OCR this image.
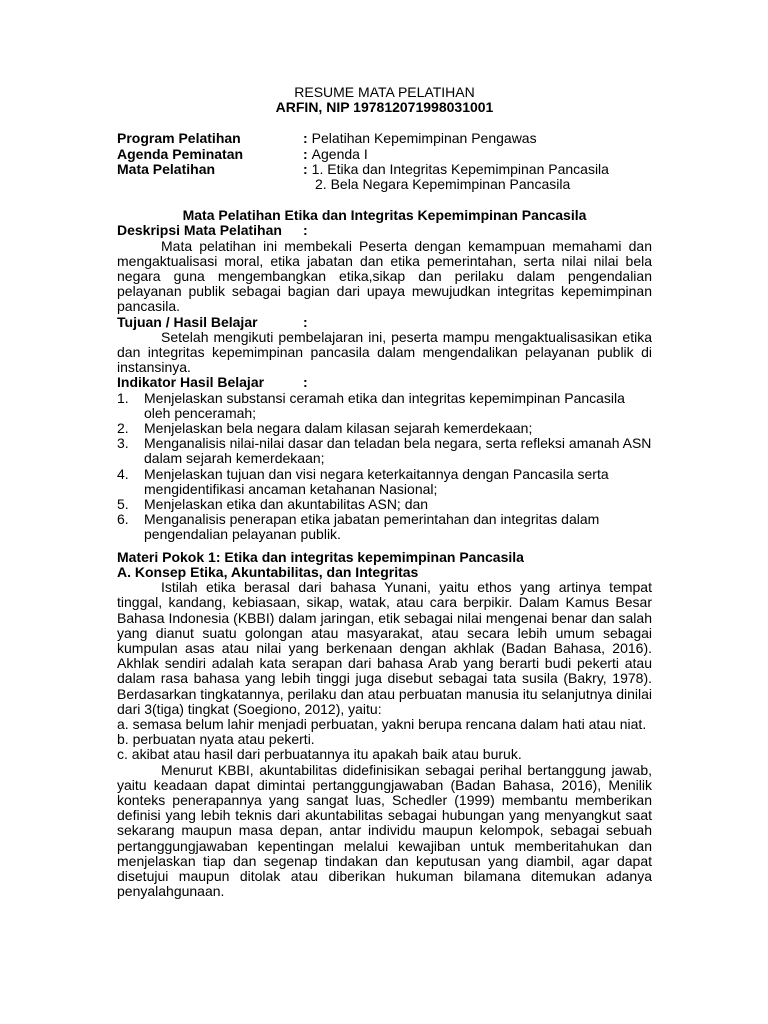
RESUME MATA PELATIHAN

ARFIN, NIP 197812071998031001

Program Pelatihan	: Pelatihan Kepemimpinan Pengawas
Agenda Peminatan	: Agenda I
Mata Pelatihan	: 1. Etika dan Integritas Kepemimpinan Pancasila
2. Bela Negara Kepemimpinan Pancasila

Mata Pelatihan Etika dan Integritas Kepemimpinan Pancasila

Deskripsi Mata Pelatihan	:

Mata pelatihan ini membekali Peserta dengan kemampuan memahami dan mengaktualisasi moral, etika jabatan dan etika pemerintahan, serta nilai nilai bela negara guna mengembangkan etika,sikap dan perilaku dalam pengendalian pelayanan publik sebagai bagian dari upaya mewujudkan integritas kepemimpinan pancasila.

Tujuan / Hasil Belajar	:

Setelah mengikuti pembelajaran ini, peserta mampu mengaktualisasikan etika dan integritas kepemimpinan pancasila dalam mengendalikan pelayanan publik di instansinya.

Indikator Hasil Belajar	:
1.	Menjelaskan substansi ceramah etika dan integritas kepemimpinan Pancasila oleh penceramah;
2.	Menjelaskan bela negara dalam kilasan sejarah kemerdekaan;
3.	Menganalisis nilai-nilai dasar dan teladan bela negara, serta refleksi amanah ASN dalam sejarah kemerdekaan;
4.	Menjelaskan tujuan dan visi negara keterkaitannya dengan Pancasila serta mengidentifikasi ancaman ketahanan Nasional;
5.	Menjelaskan etika dan akuntabilitas ASN; dan
6.	Menganalisis penerapan etika jabatan pemerintahan dan integritas dalam pengendalian pelayanan publik.

Materi Pokok 1: Etika dan integritas kepemimpinan Pancasila

A. Konsep Etika, Akuntabilitas, dan Integritas

Istilah etika berasal dari bahasa Yunani, yaitu ethos yang artinya tempat tinggal, kandang, kebiasaan, sikap, watak, atau cara berpikir. Dalam Kamus Besar Bahasa Indonesia (KBBI) dalam jaringan, etik sebagai nilai mengenai benar dan salah yang dianut suatu golongan atau masyarakat, atau secara lebih umum sebagai kumpulan asas atau nilai yang berkenaan dengan akhlak (Badan Bahasa, 2016). Akhlak sendiri adalah kata serapan dari bahasa Arab yang berarti budi pekerti atau dalam rasa bahasa yang lebih tinggi juga disebut sebagai tata susila (Bakry, 1978). Berdasarkan tingkatannya, perilaku dan atau perbuatan manusia itu selanjutnya dinilai dari 3(tiga) tingkat (Soegiono, 2012), yaitu:

a. semasa belum lahir menjadi perbuatan, yakni berupa rencana dalam hati atau niat.

b. perbuatan nyata atau pekerti.

c. akibat atau hasil dari perbuatannya itu apakah baik atau buruk.

Menurut KBBI, akuntabilitas didefinisikan sebagai perihal bertanggung jawab, yaitu keadaan dapat dimintai pertanggungjawaban (Badan Bahasa, 2016), Menilik konteks penerapannya yang sangat luas, Schedler (1999) membantu memberikan definisi yang lebih teknis dari akuntabilitas sebagai hubungan yang menyangkut saat sekarang maupun masa depan, antar individu maupun kelompok, sebagai sebuah pertanggungjawaban kepentingan melalui kewajiban untuk memberitahukan dan menjelaskan tiap dan segenap tindakan dan keputusan yang diambil, agar dapat disetujui maupun ditolak atau diberikan hukuman bilamana ditemukan adanya penyalahgunaan.
